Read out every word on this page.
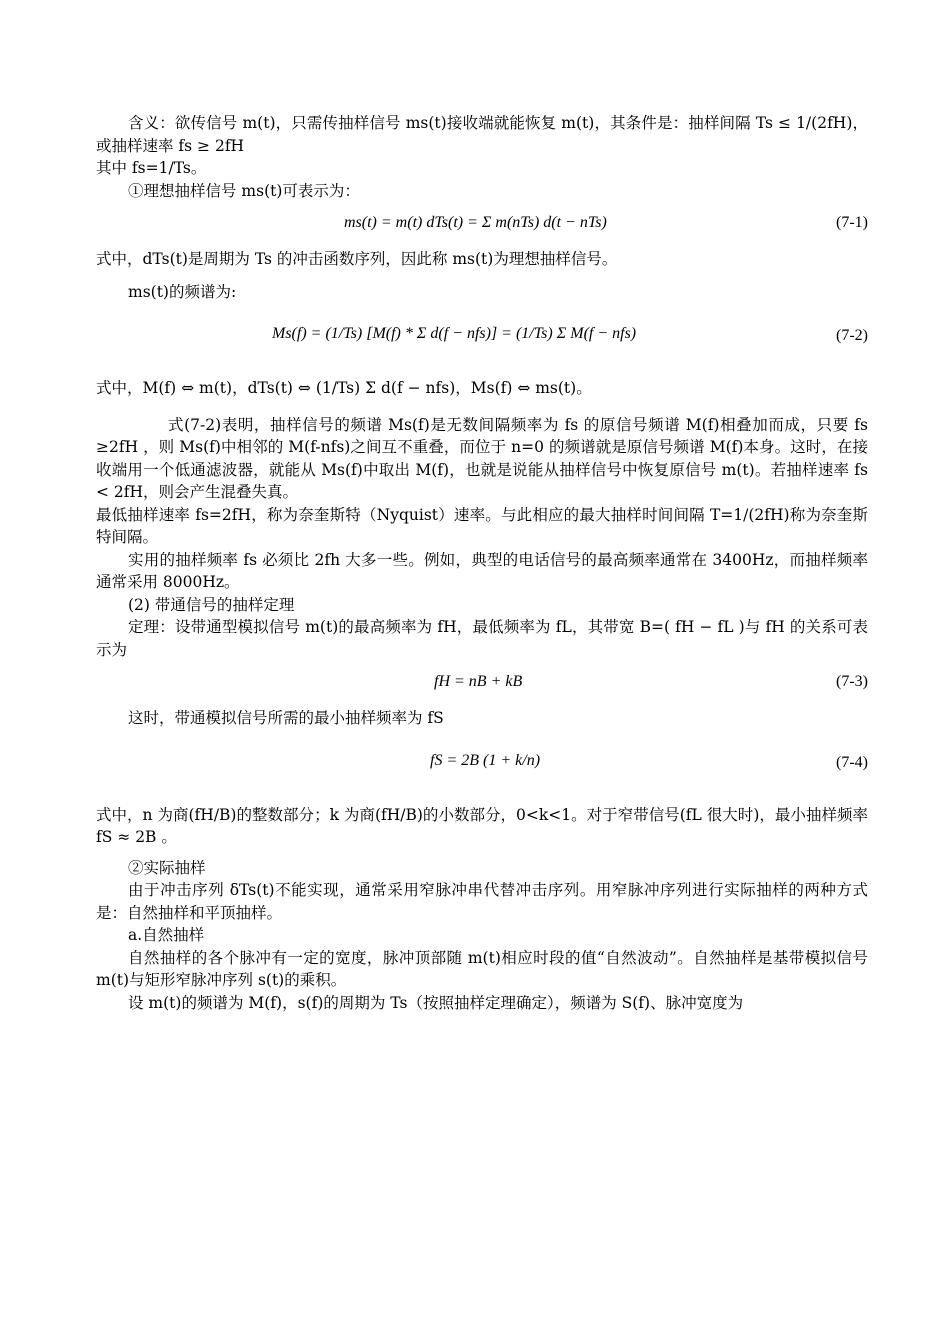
含义：欲传信号 m(t)，只需传抽样信号 ms(t)接收端就能恢复 m(t)，其条件是：抽样间隔 Ts ≤ 1/(2fH)，或抽样速率 fs ≥ 2fH

其中 fs=1/Ts。

①理想抽样信号 ms(t)可表示为：

ms(t) = m(t) dTs(t) = Σ m(nTs) d(t − nTs)	(7-1)

式中，dTs(t)是周期为 Ts 的冲击函数序列，因此称 ms(t)为理想抽样信号。

ms(t)的频谱为:

Ms(f) = (1/Ts) [M(f) * Σ d(f − nfs)] = (1/Ts) Σ M(f − nfs)	(7-2)

式中，M(f) ⇔ m(t)，dTs(t) ⇔ (1/Ts) Σ d(f − nfs)，Ms(f) ⇔ ms(t)。

式(7-2)表明，抽样信号的频谱 Ms(f)是无数间隔频率为 fs 的原信号频谱 M(f)相叠加而成，只要 fs ≥2fH ，则 Ms(f)中相邻的 M(f-nfs)之间互不重叠，而位于 n=0 的频谱就是原信号频谱 M(f)本身。这时，在接收端用一个低通滤波器，就能从 Ms(f)中取出 M(f)，也就是说能从抽样信号中恢复原信号 m(t)。若抽样速率 fs < 2fH，则会产生混叠失真。

最低抽样速率 fs=2fH，称为奈奎斯特（Nyquist）速率。与此相应的最大抽样时间间隔 T=1/(2fH)称为奈奎斯特间隔。

实用的抽样频率 fs 必须比 2fh 大多一些。例如，典型的电话信号的最高频率通常在 3400Hz，而抽样频率通常采用 8000Hz。

(2) 带通信号的抽样定理

定理：设带通型模拟信号 m(t)的最高频率为 fH，最低频率为 fL，其带宽 B=( fH − fL )与 fH 的关系可表示为

fH = nB + kB	(7-3)

这时，带通模拟信号所需的最小抽样频率为 fS

fS = 2B (1 + k/n)	(7-4)

式中，n 为商(fH/B)的整数部分；k 为商(fH/B)的小数部分，0<k<1。对于窄带信号(fL 很大时)，最小抽样频率 fS ≈ 2B 。

②实际抽样

由于冲击序列 δTs(t)不能实现，通常采用窄脉冲串代替冲击序列。用窄脉冲序列进行实际抽样的两种方式是：自然抽样和平顶抽样。

a.自然抽样

自然抽样的各个脉冲有一定的宽度，脉冲顶部随 m(t)相应时段的值“自然波动”。自然抽样是基带模拟信号 m(t)与矩形窄脉冲序列 s(t)的乘积。

设 m(t)的频谱为 M(f)，s(f)的周期为 Ts（按照抽样定理确定），频谱为 S(f)、脉冲宽度为
